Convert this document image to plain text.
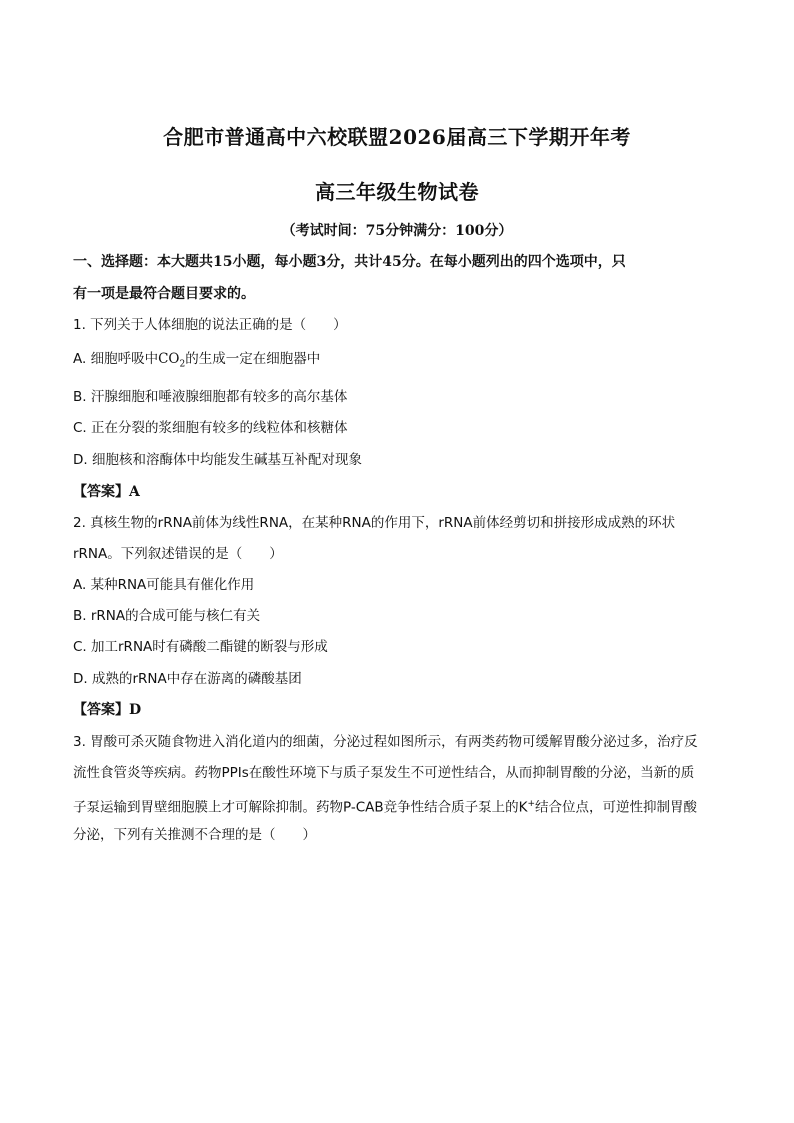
合肥市普通高中六校联盟2026届高三下学期开年考
高三年级生物试卷
（考试时间：75分钟满分：100分）
一、选择题：本大题共15小题，每小题3分，共计45分。在每小题列出的四个选项中，只
有一项是最符合题目要求的。
1. 下列关于人体细胞的说法正确的是（　　）
A. 细胞呼吸中$CO_2$的生成一定在细胞器中
B. 汗腺细胞和唾液腺细胞都有较多的高尔基体
C. 正在分裂的浆细胞有较多的线粒体和核糖体
D. 细胞核和溶酶体中均能发生碱基互补配对现象
【答案】A
2. 真核生物的rRNA前体为线性RNA，在某种RNA的作用下，rRNA前体经剪切和拼接形成成熟的环状
rRNA。下列叙述错误的是（　　）
A. 某种RNA可能具有催化作用
B. rRNA的合成可能与核仁有关
C. 加工rRNA时有磷酸二酯键的断裂与形成
D. 成熟的rRNA中存在游离的磷酸基团
【答案】D
3. 胃酸可杀灭随食物进入消化道内的细菌，分泌过程如图所示，有两类药物可缓解胃酸分泌过多，治疗反
流性食管炎等疾病。药物PPIs在酸性环境下与质子泵发生不可逆性结合，从而抑制胃酸的分泌，当新的质
子泵运输到胃壁细胞膜上才可解除抑制。药物P-CAB竞争性结合质子泵上的K+结合位点，可逆性抑制胃酸
分泌，下列有关推测不合理的是（　　）
